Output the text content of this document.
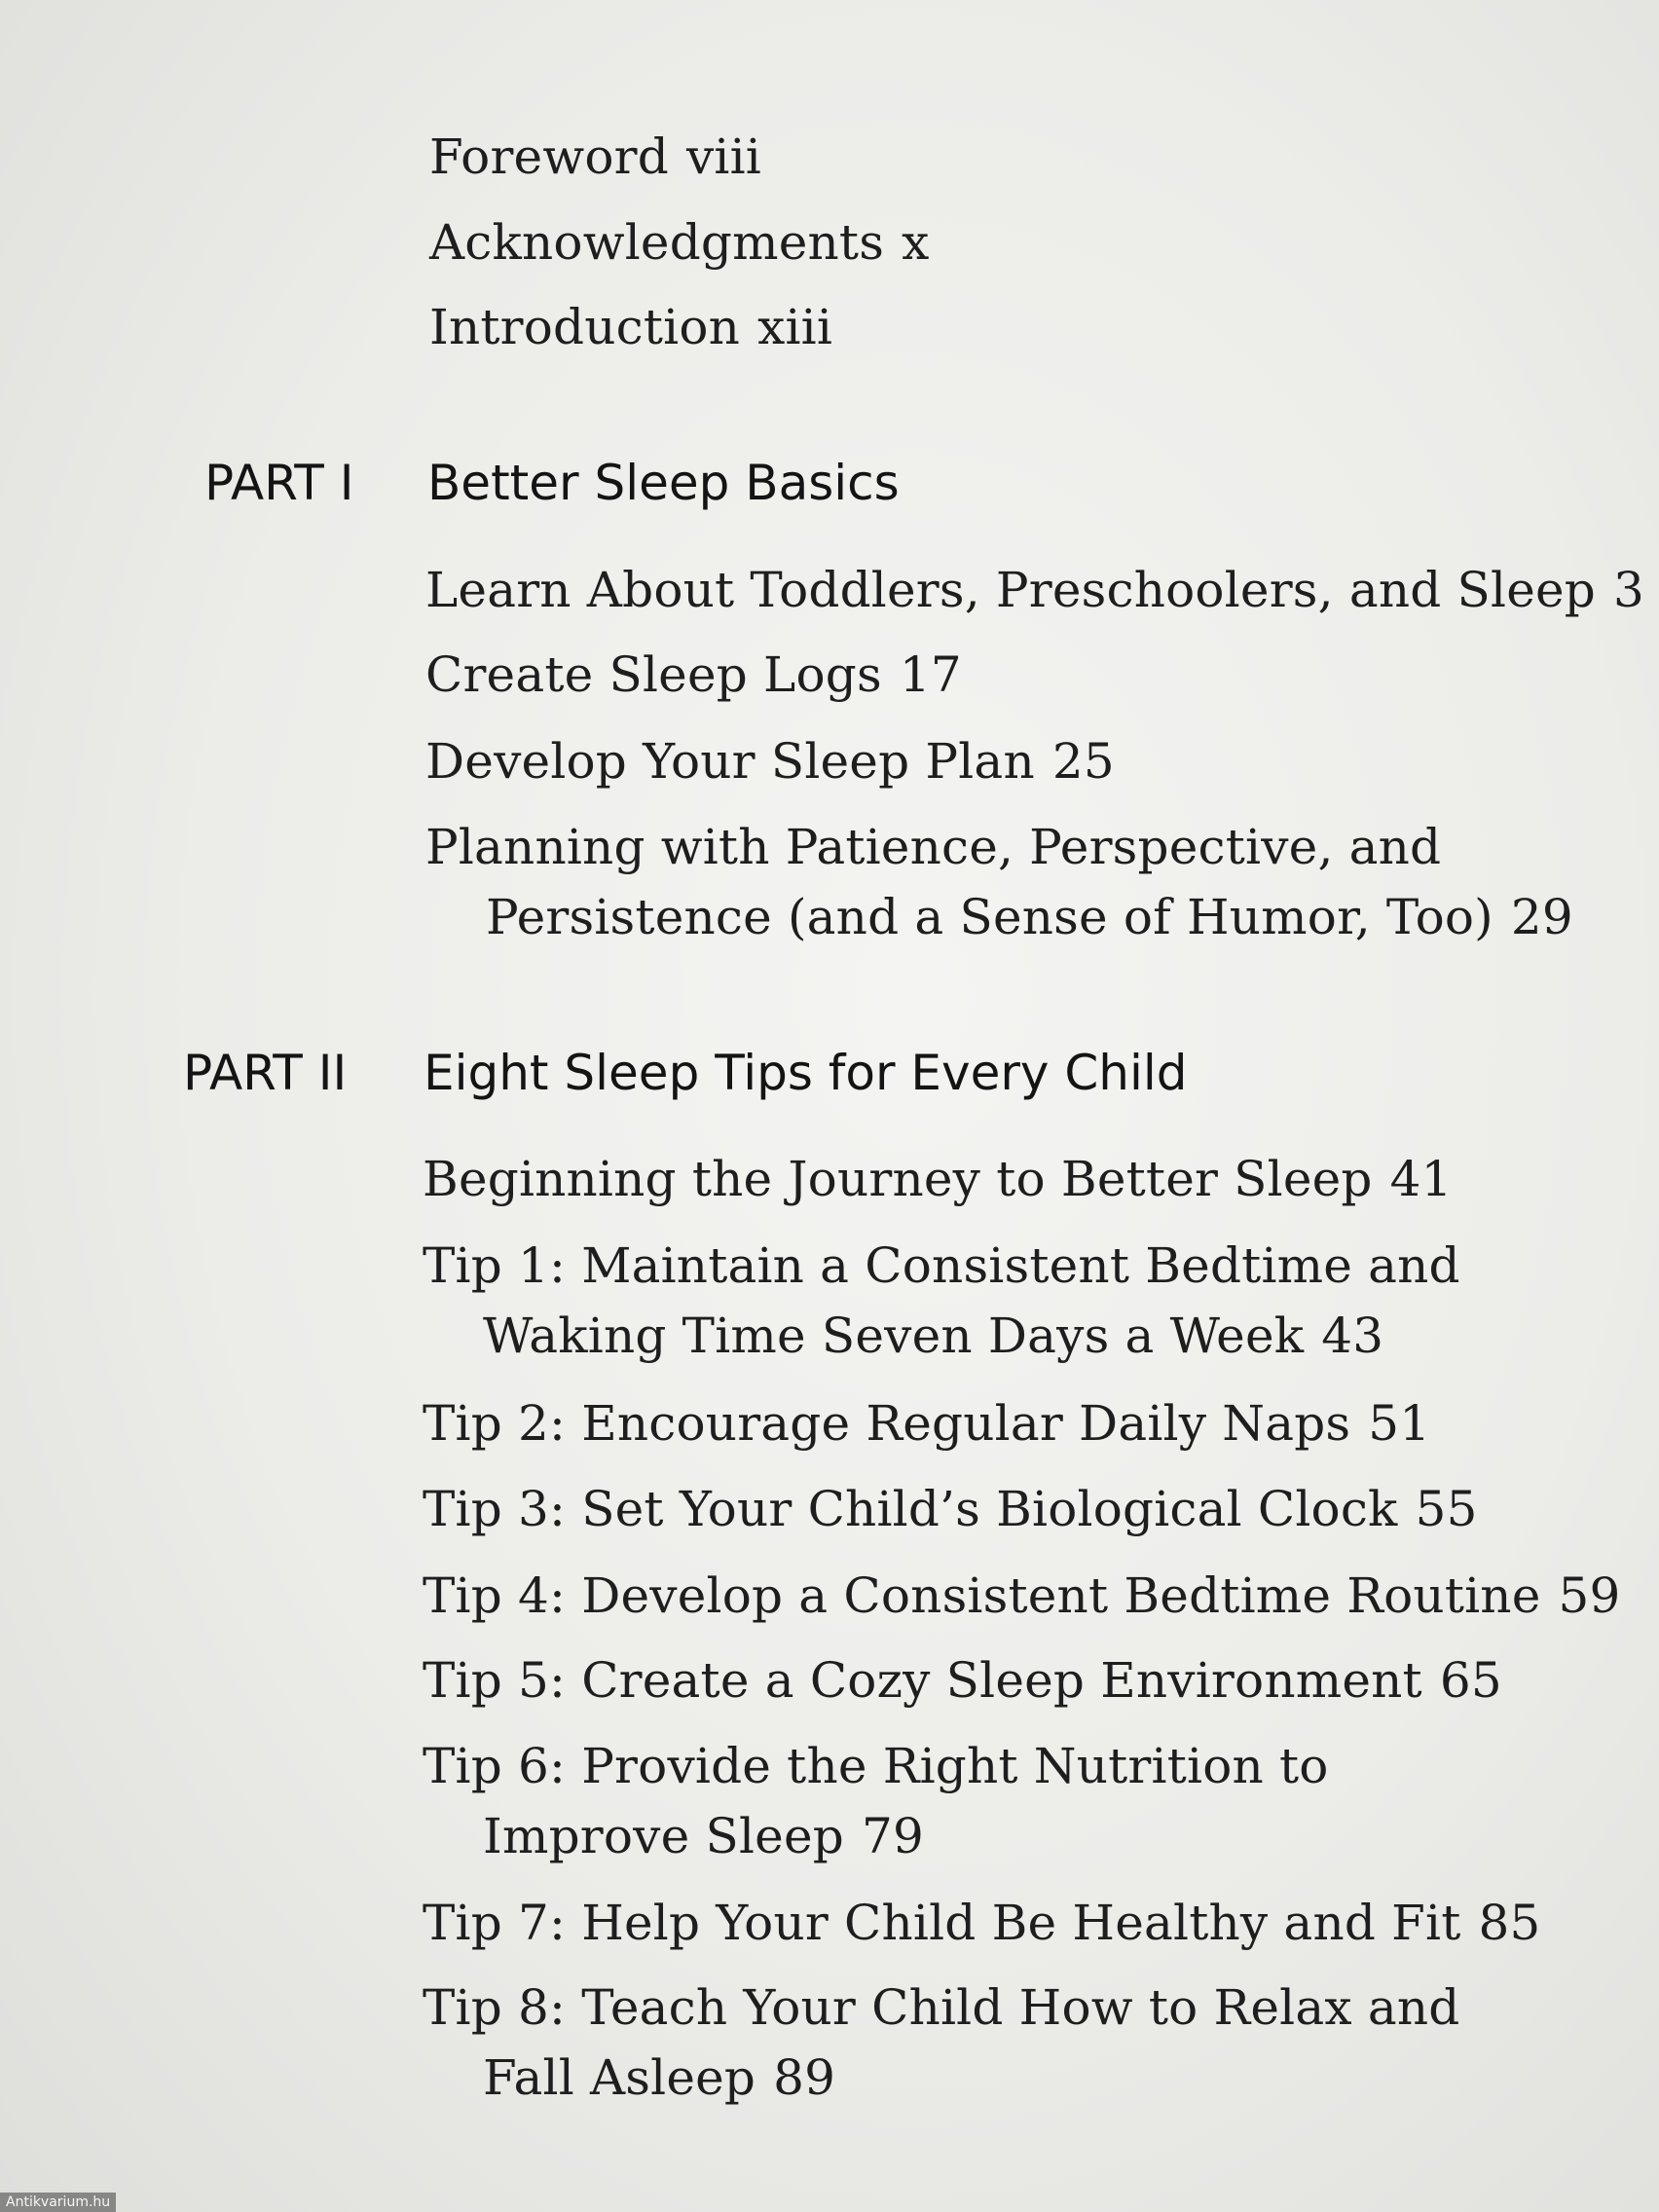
Foreword viii
Acknowledgments x
Introduction xiii
PART I Better Sleep Basics
Learn About Toddlers, Preschoolers, and Sleep 3
Create Sleep Logs 17
Develop Your Sleep Plan 25
Planning with Patience, Perspective, and
Persistence (and a Sense of Humor, Too) 29
PART II Eight Sleep Tips for Every Child
Beginning the Journey to Better Sleep 41
Tip 1: Maintain a Consistent Bedtime and
Waking Time Seven Days a Week 43
Tip 2: Encourage Regular Daily Naps 51
Tip 3: Set Your Child’s Biological Clock 55
Tip 4: Develop a Consistent Bedtime Routine 59
Tip 5: Create a Cozy Sleep Environment 65
Tip 6: Provide the Right Nutrition to
Improve Sleep 79
Tip 7: Help Your Child Be Healthy and Fit 85
Tip 8: Teach Your Child How to Relax and
Fall Asleep 89
Antikvarium.hu
